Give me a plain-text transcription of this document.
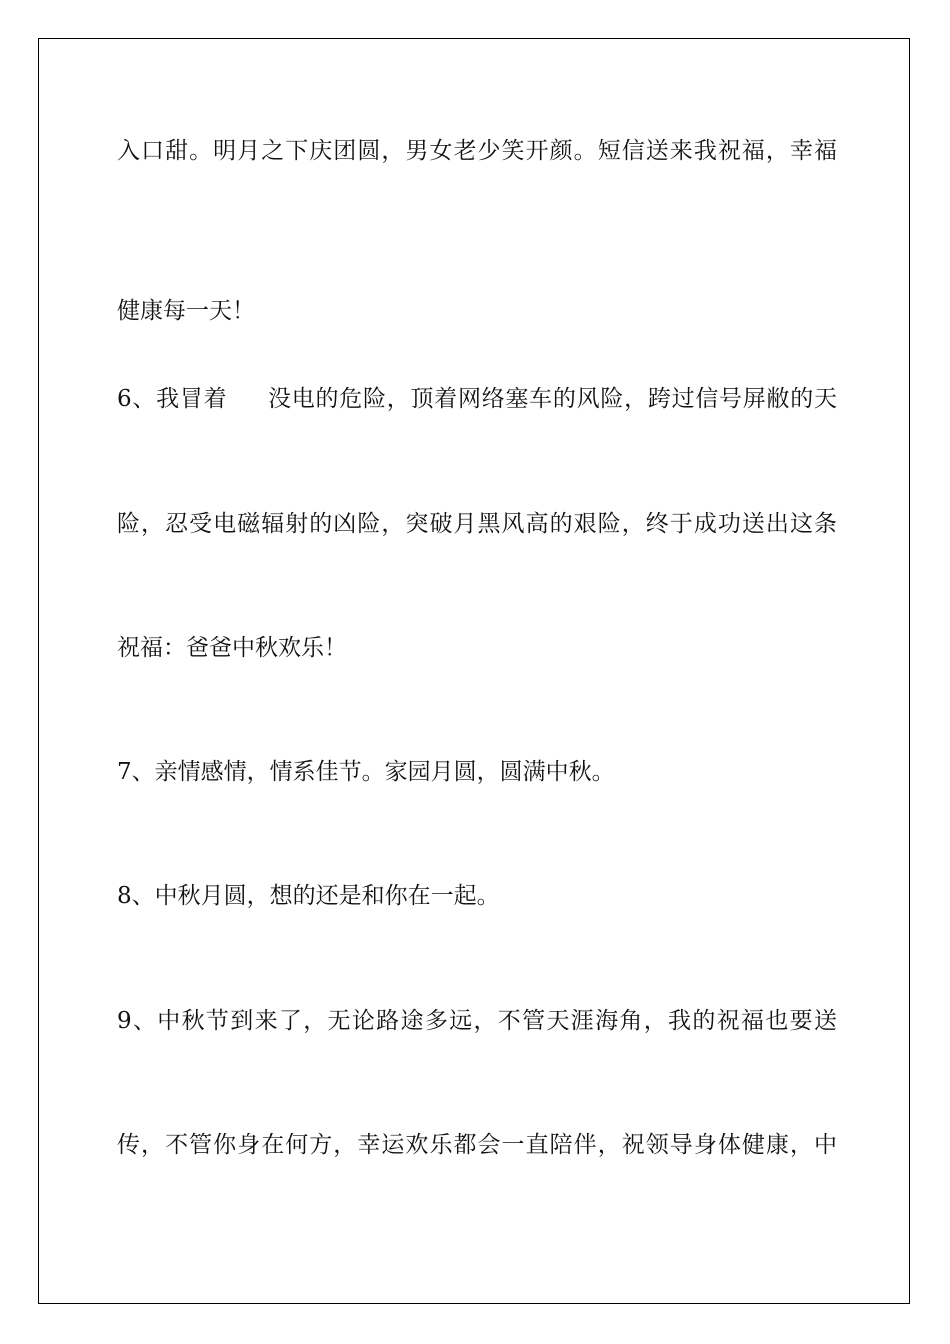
入口甜。明月之下庆团圆，男女老少笑开颜。短信送来我祝福，幸福
健康每一天！
6、我冒着 没电的危险，顶着网络塞车的风险，跨过信号屏敝的天
险，忍受电磁辐射的凶险，突破月黑风高的艰险，终于成功送出这条
祝福：爸爸中秋欢乐！
7、亲情感情，情系佳节。家园月圆，圆满中秋。
8、中秋月圆，想的还是和你在一起。
9、中秋节到来了，无论路途多远，不管天涯海角，我的祝福也要送
传，不管你身在何方，幸运欢乐都会一直陪伴，祝领导身体健康，中
